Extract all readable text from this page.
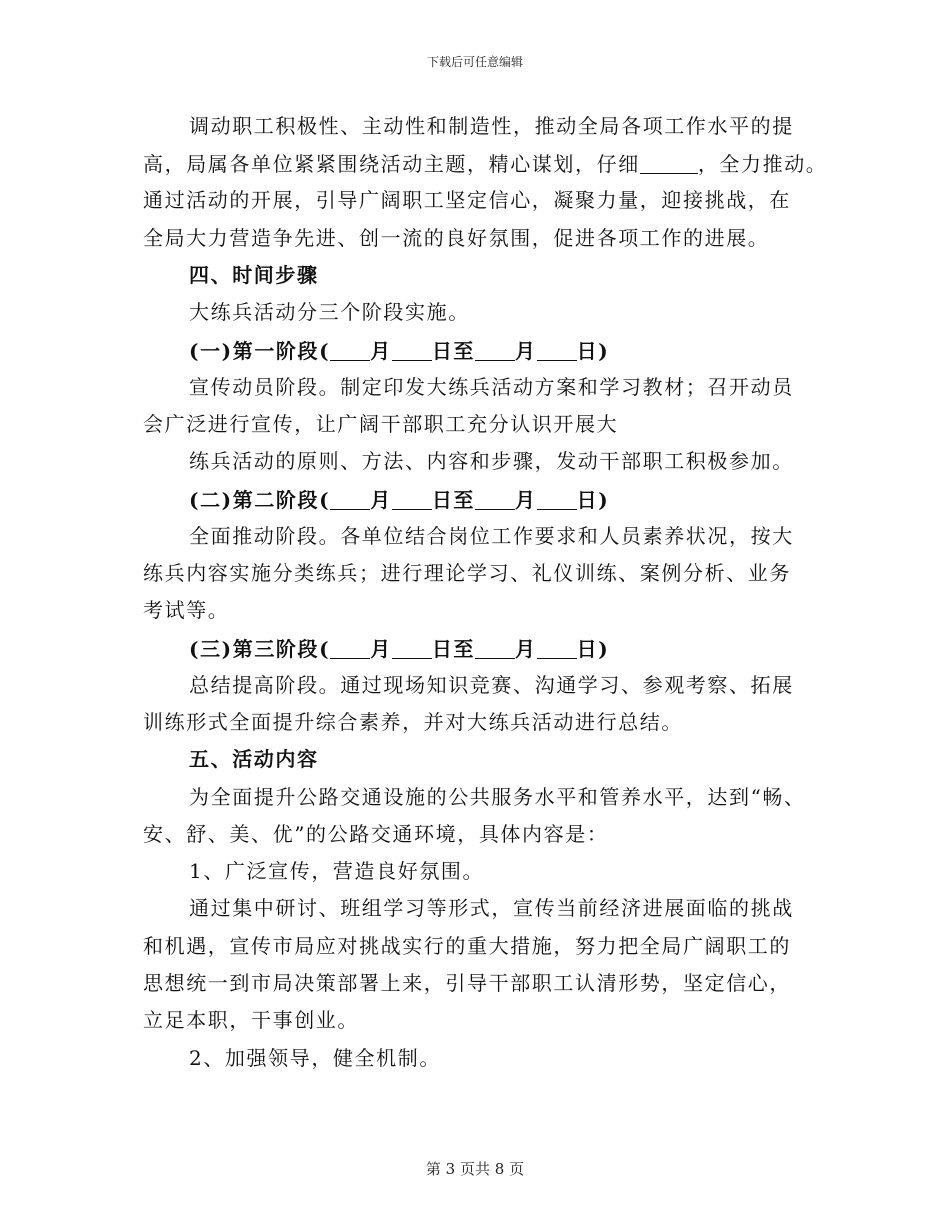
下载后可任意编辑
调动职工积极性、主动性和制造性，推动全局各项工作水平的提
高，局属各单位紧紧围绕活动主题，精心谋划，仔细	，全力推动。
通过活动的开展，引导广阔职工坚定信心，凝聚力量，迎接挑战，在
全局大力营造争先进、创一流的良好氛围，促进各项工作的进展。
四、时间步骤
大练兵活动分三个阶段实施。
(一)第一阶段( 月 日至 月 日)
宣传动员阶段。制定印发大练兵活动方案和学习教材；召开动员
会广泛进行宣传，让广阔干部职工充分认识开展大
练兵活动的原则、方法、内容和步骤，发动干部职工积极参加。
(二)第二阶段( 月 日至 月 日)
全面推动阶段。各单位结合岗位工作要求和人员素养状况，按大
练兵内容实施分类练兵；进行理论学习、礼仪训练、案例分析、业务
考试等。
(三)第三阶段( 月 日至 月 日)
总结提高阶段。通过现场知识竞赛、沟通学习、参观考察、拓展
训练形式全面提升综合素养，并对大练兵活动进行总结。
五、活动内容
为全面提升公路交通设施的公共服务水平和管养水平，达到“畅、
安、舒、美、优”的公路交通环境，具体内容是：
1、广泛宣传，营造良好氛围。
通过集中研讨、班组学习等形式，宣传当前经济进展面临的挑战
和机遇，宣传市局应对挑战实行的重大措施，努力把全局广阔职工的
思想统一到市局决策部署上来，引导干部职工认清形势，坚定信心，
立足本职，干事创业。
2、加强领导，健全机制。
第 3 页共 8 页
